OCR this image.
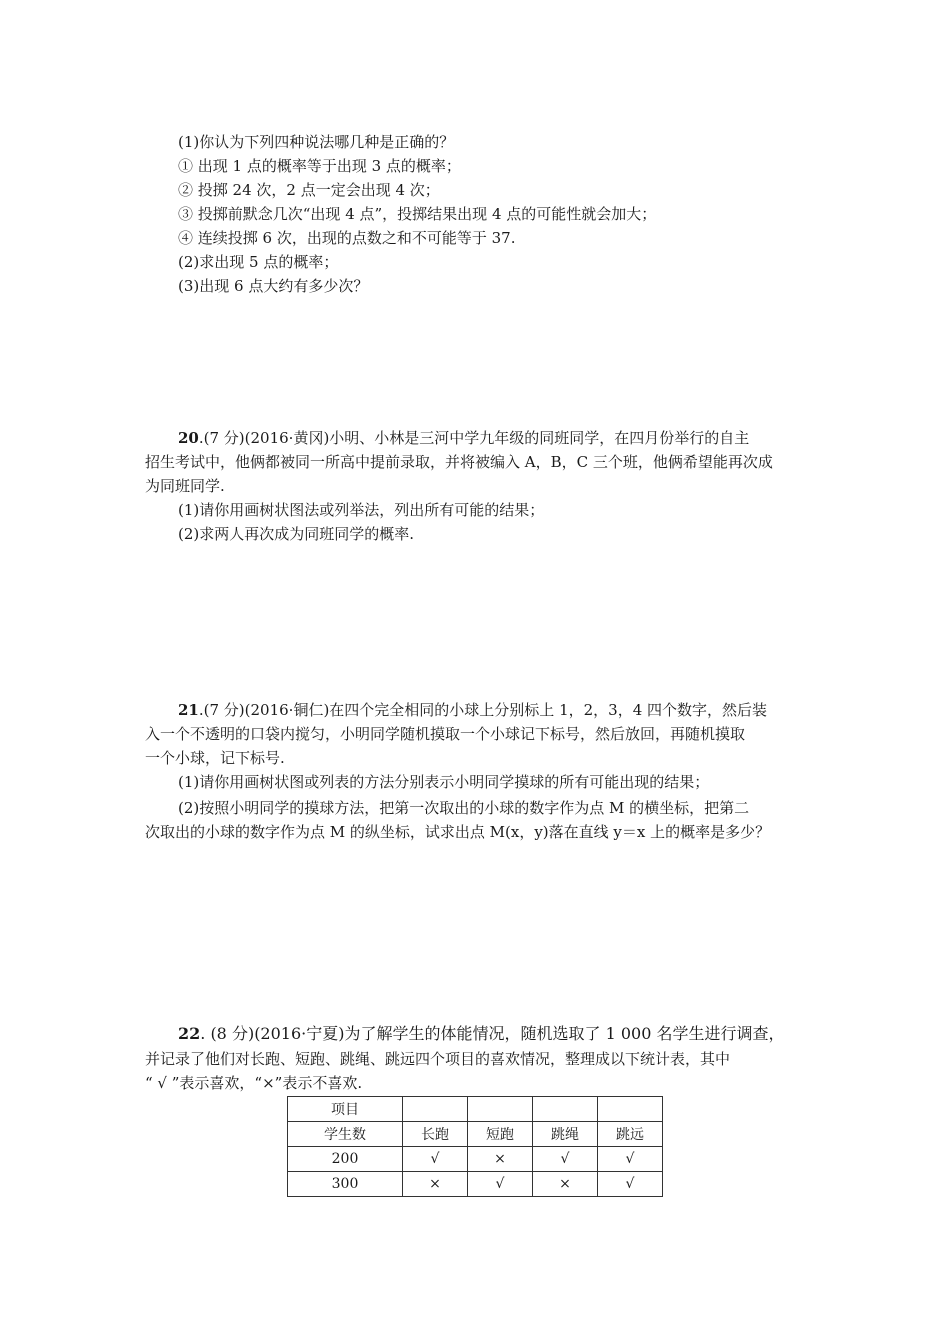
(1)你认为下列四种说法哪几种是正确的？
① 出现 1 点的概率等于出现 3 点的概率；
② 投掷 24 次，2 点一定会出现 4 次；
③ 投掷前默念几次“出现 4 点”，投掷结果出现 4 点的可能性就会加大；
④ 连续投掷 6 次，出现的点数之和不可能等于 37.
(2)求出现 5 点的概率；
(3)出现 6 点大约有多少次？
20.(7 分)(2016·黄冈)小明、小林是三河中学九年级的同班同学，在四月份举行的自主
招生考试中，他俩都被同一所高中提前录取，并将被编入 A，B，C 三个班，他俩希望能再次成
为同班同学.
(1)请你用画树状图法或列举法，列出所有可能的结果；
(2)求两人再次成为同班同学的概率.
21.(7 分)(2016·铜仁)在四个完全相同的小球上分别标上 1，2，3，4 四个数字，然后装
入一个不透明的口袋内搅匀，小明同学随机摸取一个小球记下标号，然后放回，再随机摸取
一个小球，记下标号.
(1)请你用画树状图或列表的方法分别表示小明同学摸球的所有可能出现的结果；
(2)按照小明同学的摸球方法，把第一次取出的小球的数字作为点 M 的横坐标，把第二
次取出的小球的数字作为点 M 的纵坐标，试求出点 M(x，y)落在直线 y＝x 上的概率是多少？
22. (8 分)(2016·宁夏)为了解学生的体能情况，随机选取了 1 000 名学生进行调查，
并记录了他们对长跑、短跑、跳绳、跳远四个项目的喜欢情况，整理成以下统计表，其中
“ √ ”表示喜欢，“×”表示不喜欢.
项目				
学生数	长跑	短跑	跳绳	跳远
200	√	×	√	√
300	×	√	×	√
